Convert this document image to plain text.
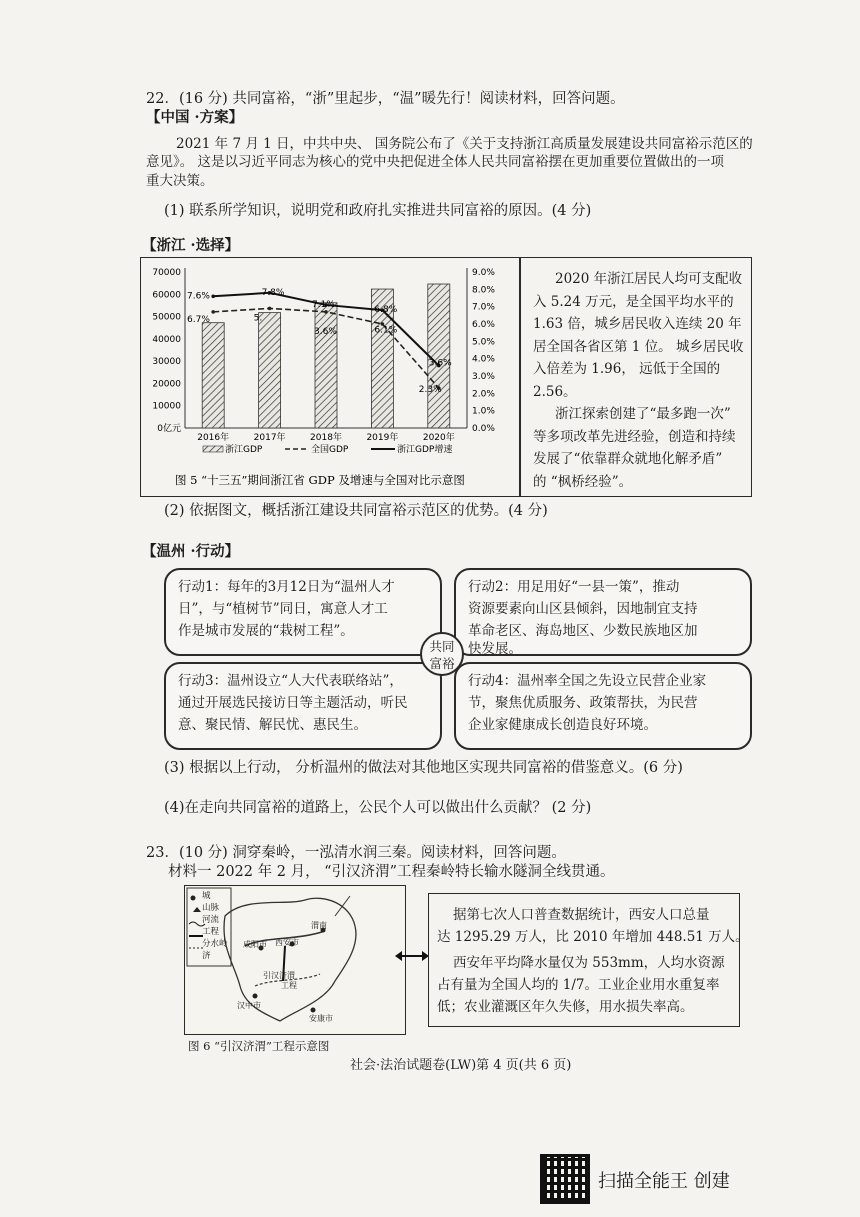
22．(16 分) 共同富裕，“浙”里起步，“温”暖先行！阅读材料，回答问题。
【中国 ·方案】
2021 年 7 月 1 日，中共中央、 国务院公布了《关于支持浙江高质量发展建设共同富裕示范区的
意见》。 这是以习近平同志为核心的党中央把促进全体人民共同富裕摆在更加重要位置做出的一项
重大决策。
(1) 联系所学知识，说明党和政府扎实推进共同富裕的原因。(4 分)
【浙江 ·选择】
0亿元
10000
20000
30000
40000
50000
60000
70000
0.0%
1.0%
2.0%
3.0%
4.0%
5.0%
6.0%
7.0%
8.0%
9.0%
2016年	2017年	2018年	2019年	2020年
7.6%
6.7%
7.8%
5.
7.1%
3.6%
6.8%
6.1%
3.6%
2.3%
浙江GDP	全国GDP	浙江GDP增速
图 5 “十三五”期间浙江省 GDP 及增速与全国对比示意图
2020 年浙江居民人均可支配收
入 5.24 万元，是全国平均水平的
1.63 倍，城乡居民收入连续 20 年
居全国各省区第 1 位。 城乡居民收
入倍差为 1.96， 远低于全国的
2.56。
浙江探索创建了“最多跑一次”
等多项改革先进经验，创造和持续
发展了“依靠群众就地化解矛盾”
的 “枫桥经验”。
(2) 依据图文，概括浙江建设共同富裕示范区的优势。(4 分)
【温州 ·行动】
行动1：每年的3月12日为“温州人才
日”，与“植树节”同日，寓意人才工
作是城市发展的“栽树工程”。
行动2：用足用好“一县一策”，推动
资源要素向山区县倾斜，因地制宜支持
革命老区、海岛地区、少数民族地区加
快发展。
行动3：温州设立“人大代表联络站”，
通过开展选民接访日等主题活动，听民
意、聚民情、解民忧、惠民生。
行动4：温州率全国之先设立民营企业家
节，聚焦优质服务、政策帮扶，为民营
企业家健康成长创造良好环境。
共同
富裕
(3) 根据以上行动， 分析温州的做法对其他地区实现共同富裕的借鉴意义。(6 分)
(4)在走向共同富裕的道路上，公民个人可以做出什么贡献？ (2 分)
23．(10 分) 洞穿秦岭，一泓清水润三秦。阅读材料，回答问题。
材料一 2022 年 2 月， “引汉济渭”工程秦岭特长输水隧洞全线贯通。
城
山脉
河流
工程
分水岭
济
西安市
咸阳市
渭南
汉中市
安康市
引汉济渭
工程
据第七次人口普查数据统计，西安人口总量
达 1295.29 万人，比 2010 年增加 448.51 万人。
西安年平均降水量仅为 553mm，人均水资源
占有量为全国人均的 1/7。工业企业用水重复率
低；农业灌溉区年久失修，用水损失率高。
图 6 “引汉济渭”工程示意图
社会·法治试题卷(LW)第 4 页(共 6 页)
扫描全能王 创建
